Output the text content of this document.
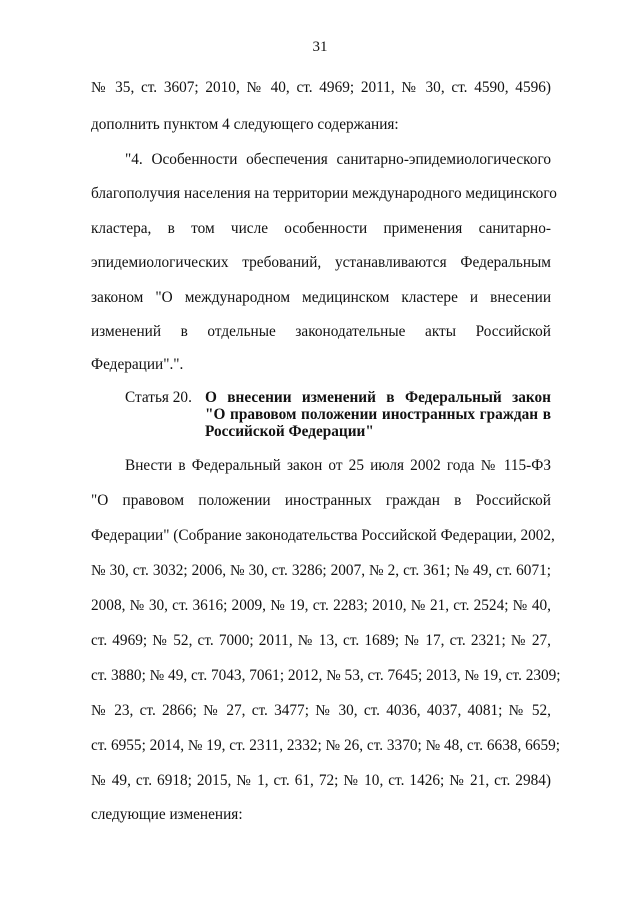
31
№ 35, ст. 3607; 2010, № 40, ст. 4969; 2011, № 30, ст. 4590, 4596)
дополнить пунктом 4 следующего содержания:
"4. Особенности обеспечения санитарно-эпидемиологического
благополучия населения на территории международного медицинского
кластера, в том числе особенности применения санитарно-
эпидемиологических требований, устанавливаются Федеральным
законом "О международном медицинском кластере и внесении
изменений в отдельные законодательные акты Российской
Федерации".".
Статья 20. О внесении изменений в Федеральный закон
"О правовом положении иностранных граждан в
Российской Федерации"
Внести в Федеральный закон от 25 июля 2002 года № 115-ФЗ
"О правовом положении иностранных граждан в Российской
Федерации" (Собрание законодательства Российской Федерации, 2002,
№ 30, ст. 3032; 2006, № 30, ст. 3286; 2007, № 2, ст. 361; № 49, ст. 6071;
2008, № 30, ст. 3616; 2009, № 19, ст. 2283; 2010, № 21, ст. 2524; № 40,
ст. 4969; № 52, ст. 7000; 2011, № 13, ст. 1689; № 17, ст. 2321; № 27,
ст. 3880; № 49, ст. 7043, 7061; 2012, № 53, ст. 7645; 2013, № 19, ст. 2309;
№ 23, ст. 2866; № 27, ст. 3477; № 30, ст. 4036, 4037, 4081; № 52,
ст. 6955; 2014, № 19, ст. 2311, 2332; № 26, ст. 3370; № 48, ст. 6638, 6659;
№ 49, ст. 6918; 2015, № 1, ст. 61, 72; № 10, ст. 1426; № 21, ст. 2984)
следующие изменения:
